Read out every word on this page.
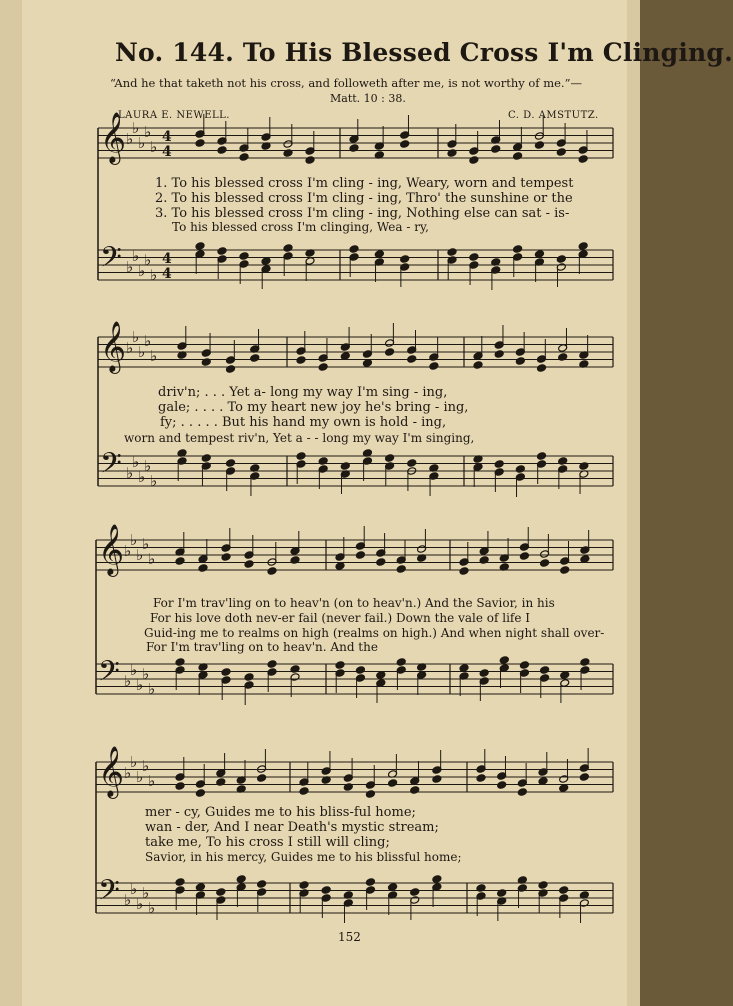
No. 144. To His Blessed Cross I'm Clinging.
“And he that taketh not his cross, and followeth after me, is not worthy of me.”—
Matt. 10 : 38.
LAURA E. NEWELL.	C. D. AMSTUTZ.
1. To his blessed cross I'm cling - ing, Weary, worn and tempest
2. To his blessed cross I'm cling - ing, Thro' the sunshine or the
3. To his blessed cross I'm cling - ing, Nothing else can sat - is-
To his blessed cross I'm clinging, Wea - ry,
driv'n; . . . Yet a- long my way I'm sing - ing,
gale; . . . . To my heart new joy he's bring - ing,
fy; . . . . . But his hand my own is hold - ing,
worn and tempest riv'n, Yet a - - long my way I'm singing,
For I'm trav'ling on to heav'n (on to heav'n.) And the Savior, in his
For his love doth nev-er fail (never fail.) Down the vale of life I
Guid-ing me to realms on high (realms on high.) And when night shall over-
For I'm trav'ling on to heav'n. And the
mer - cy, Guides me to his bliss-ful home;
wan - der, And I near Death's mystic stream;
take me, To his cross I still will cling;
Savior, in his mercy, Guides me to his blissful home;
152
𝄞
𝄢
♭
♭
♭
♭
♭
♭
♭
♭
♭
♭
4
4
4
4
𝄞
𝄢
♭
♭
♭
♭
♭
♭
♭
♭
♭
♭
𝄞
𝄢
♭
♭
♭
♭
♭
♭
♭
♭
♭
♭
𝄞
𝄢
♭
♭
♭
♭
♭
♭
♭
♭
♭
♭
